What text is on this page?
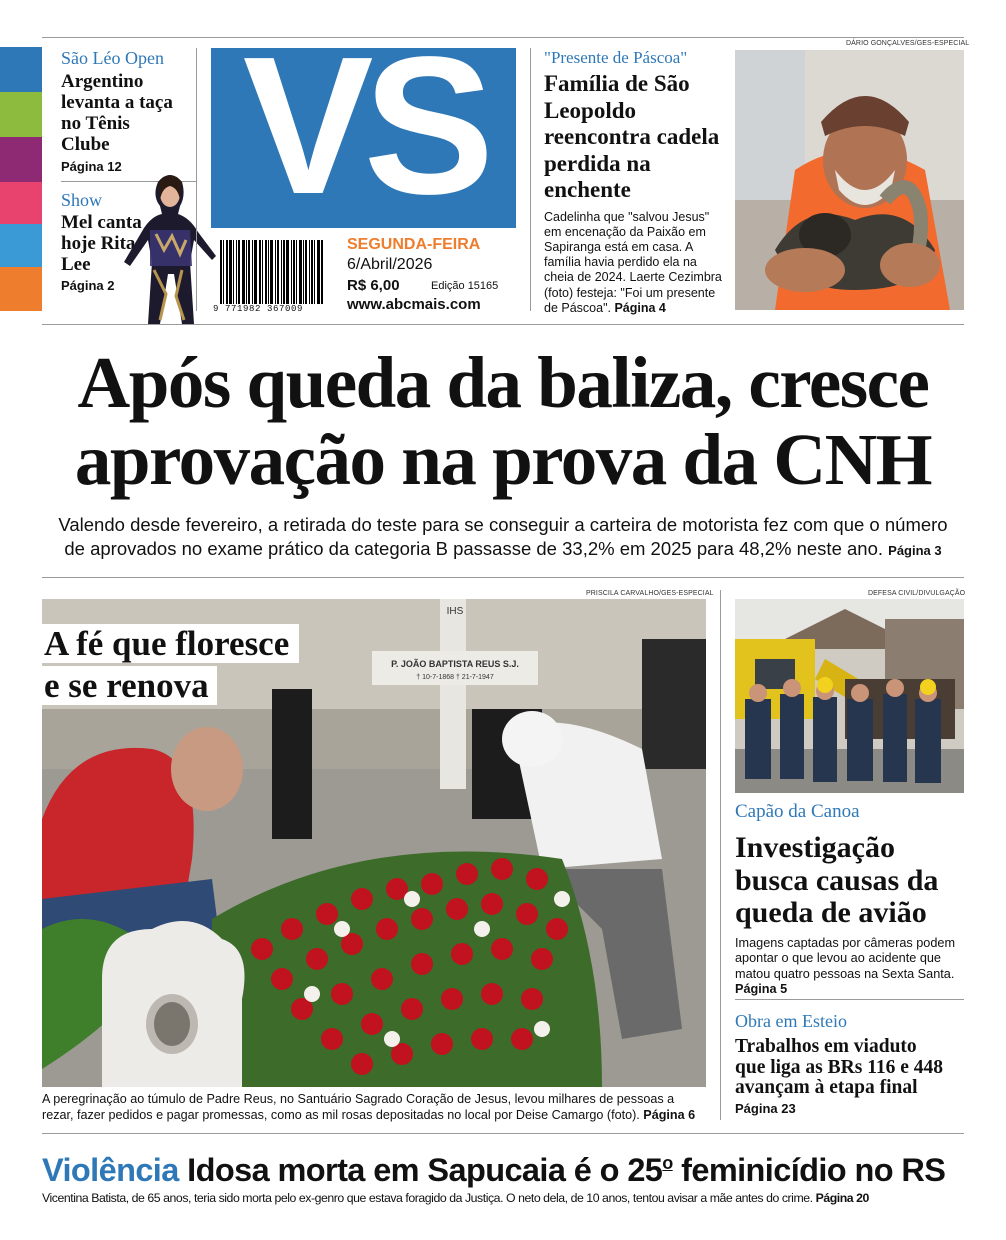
São Léo Open
Argentino levanta a taça no Tênis Clube
Página 12
Show
Mel canta hoje Rita Lee
Página 2
VS
9 771982 367009
SEGUNDA-FEIRA
6/Abril/2026
R$ 6,00	Edição 15165
www.abcmais.com
"Presente de Páscoa"
Família de São Leopoldo reencontra cadela perdida na enchente
Cadelinha que "salvou Jesus" em encenação da Paixão em Sapiranga está em casa. A família havia perdido ela na cheia de 2024. Laerte Cezimbra (foto) festeja: "Foi um presente de Páscoa". Página 4
DÁRIO GONÇALVES/GES-ESPECIAL
Após queda da baliza, cresce
aprovação na prova da CNH
Valendo desde fevereiro, a retirada do teste para se conseguir a carteira de motorista fez com que o número
de aprovados no exame prático da categoria B passasse de 33,2% em 2025 para 48,2% neste ano. Página 3
PRISCILA CARVALHO/GES-ESPECIAL
IHS
P. JOÃO BAPTISTA REUS S.J.
† 10-7-1868 † 21-7-1947
A fé que floresce
e se renova
A peregrinação ao túmulo de Padre Reus, no Santuário Sagrado Coração de Jesus, levou milhares de pessoas a
rezar, fazer pedidos e pagar promessas, como as mil rosas depositadas no local por Deise Camargo (foto). Página 6
DEFESA CIVIL/DIVULGAÇÃO
Capão da Canoa
Investigação
busca causas da
queda de avião
Imagens captadas por câmeras podem apontar o que levou ao acidente que matou quatro pessoas na Sexta Santa. Página 5
Obra em Esteio
Trabalhos em viaduto
que liga as BRs 116 e 448
avançam à etapa final
Página 23
Violência Idosa morta em Sapucaia é o 25$^o$ feminicídio no RS
Vicentina Batista, de 65 anos, teria sido morta pelo ex-genro que estava foragido da Justiça. O neto dela, de 10 anos, tentou avisar a mãe antes do crime. Página 20
